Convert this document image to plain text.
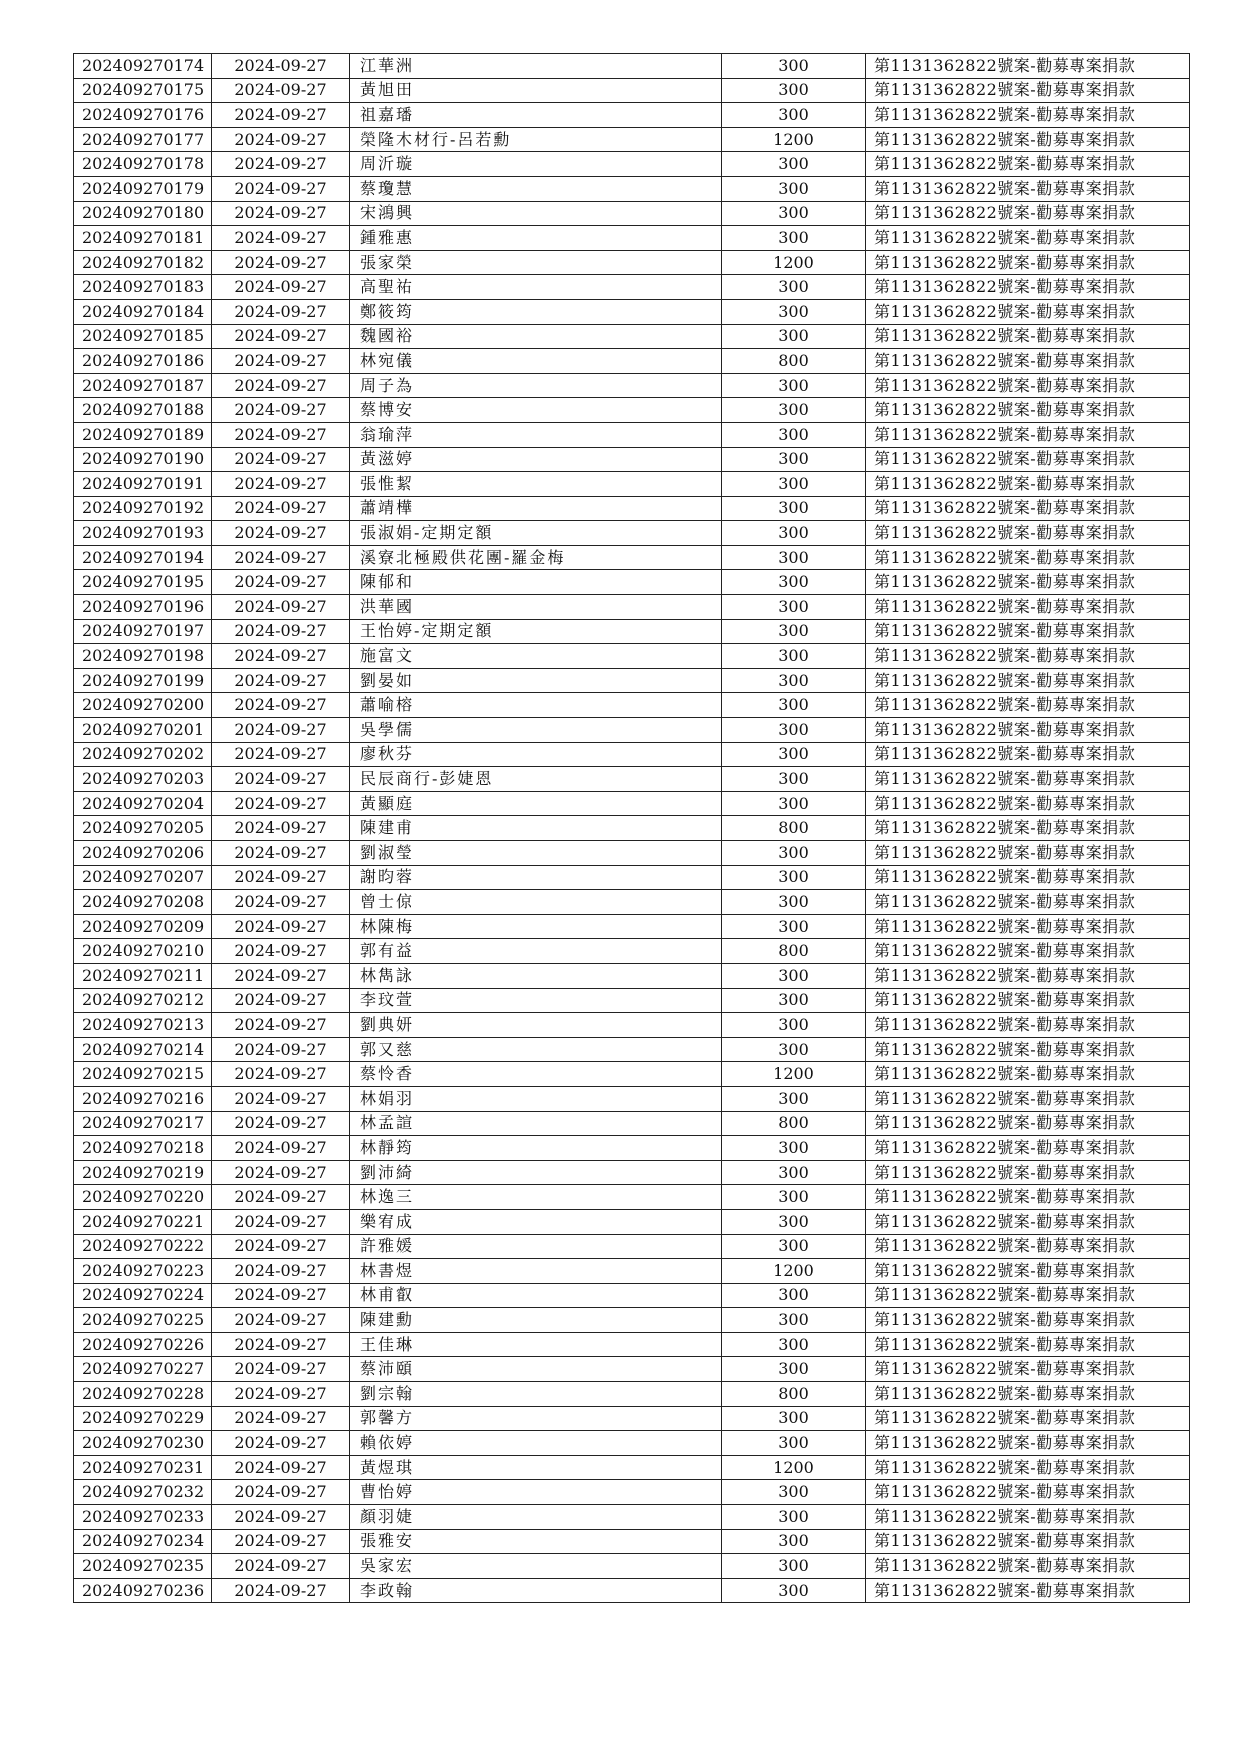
202409270174	2024-09-27	江華洲	300	第1131362822號案-勸募專案捐款
202409270175	2024-09-27	黃旭田	300	第1131362822號案-勸募專案捐款
202409270176	2024-09-27	祖嘉璠	300	第1131362822號案-勸募專案捐款
202409270177	2024-09-27	榮隆木材行-呂若勳	1200	第1131362822號案-勸募專案捐款
202409270178	2024-09-27	周沂璇	300	第1131362822號案-勸募專案捐款
202409270179	2024-09-27	蔡瓊慧	300	第1131362822號案-勸募專案捐款
202409270180	2024-09-27	宋鴻興	300	第1131362822號案-勸募專案捐款
202409270181	2024-09-27	鍾雅惠	300	第1131362822號案-勸募專案捐款
202409270182	2024-09-27	張家榮	1200	第1131362822號案-勸募專案捐款
202409270183	2024-09-27	高聖祐	300	第1131362822號案-勸募專案捐款
202409270184	2024-09-27	鄭筱筠	300	第1131362822號案-勸募專案捐款
202409270185	2024-09-27	魏國裕	300	第1131362822號案-勸募專案捐款
202409270186	2024-09-27	林宛儀	800	第1131362822號案-勸募專案捐款
202409270187	2024-09-27	周子為	300	第1131362822號案-勸募專案捐款
202409270188	2024-09-27	蔡博安	300	第1131362822號案-勸募專案捐款
202409270189	2024-09-27	翁瑜萍	300	第1131362822號案-勸募專案捐款
202409270190	2024-09-27	黃滋婷	300	第1131362822號案-勸募專案捐款
202409270191	2024-09-27	張惟絜	300	第1131362822號案-勸募專案捐款
202409270192	2024-09-27	蕭靖樺	300	第1131362822號案-勸募專案捐款
202409270193	2024-09-27	張淑娟-定期定額	300	第1131362822號案-勸募專案捐款
202409270194	2024-09-27	溪寮北極殿供花團-羅金梅	300	第1131362822號案-勸募專案捐款
202409270195	2024-09-27	陳郁和	300	第1131362822號案-勸募專案捐款
202409270196	2024-09-27	洪華國	300	第1131362822號案-勸募專案捐款
202409270197	2024-09-27	王怡婷-定期定額	300	第1131362822號案-勸募專案捐款
202409270198	2024-09-27	施富文	300	第1131362822號案-勸募專案捐款
202409270199	2024-09-27	劉晏如	300	第1131362822號案-勸募專案捐款
202409270200	2024-09-27	蕭喻榕	300	第1131362822號案-勸募專案捐款
202409270201	2024-09-27	吳學儒	300	第1131362822號案-勸募專案捐款
202409270202	2024-09-27	廖秋芬	300	第1131362822號案-勸募專案捐款
202409270203	2024-09-27	民辰商行-彭婕恩	300	第1131362822號案-勸募專案捐款
202409270204	2024-09-27	黃顯庭	300	第1131362822號案-勸募專案捐款
202409270205	2024-09-27	陳建甫	800	第1131362822號案-勸募專案捐款
202409270206	2024-09-27	劉淑瑩	300	第1131362822號案-勸募專案捐款
202409270207	2024-09-27	謝昀蓉	300	第1131362822號案-勸募專案捐款
202409270208	2024-09-27	曾士倞	300	第1131362822號案-勸募專案捐款
202409270209	2024-09-27	林陳梅	300	第1131362822號案-勸募專案捐款
202409270210	2024-09-27	郭有益	800	第1131362822號案-勸募專案捐款
202409270211	2024-09-27	林雋詠	300	第1131362822號案-勸募專案捐款
202409270212	2024-09-27	李玟萱	300	第1131362822號案-勸募專案捐款
202409270213	2024-09-27	劉典妍	300	第1131362822號案-勸募專案捐款
202409270214	2024-09-27	郭又慈	300	第1131362822號案-勸募專案捐款
202409270215	2024-09-27	蔡怜香	1200	第1131362822號案-勸募專案捐款
202409270216	2024-09-27	林娟羽	300	第1131362822號案-勸募專案捐款
202409270217	2024-09-27	林孟諠	800	第1131362822號案-勸募專案捐款
202409270218	2024-09-27	林靜筠	300	第1131362822號案-勸募專案捐款
202409270219	2024-09-27	劉沛綺	300	第1131362822號案-勸募專案捐款
202409270220	2024-09-27	林逸三	300	第1131362822號案-勸募專案捐款
202409270221	2024-09-27	樂宥成	300	第1131362822號案-勸募專案捐款
202409270222	2024-09-27	許雅媛	300	第1131362822號案-勸募專案捐款
202409270223	2024-09-27	林書煜	1200	第1131362822號案-勸募專案捐款
202409270224	2024-09-27	林甫叡	300	第1131362822號案-勸募專案捐款
202409270225	2024-09-27	陳建勳	300	第1131362822號案-勸募專案捐款
202409270226	2024-09-27	王佳琳	300	第1131362822號案-勸募專案捐款
202409270227	2024-09-27	蔡沛頤	300	第1131362822號案-勸募專案捐款
202409270228	2024-09-27	劉宗翰	800	第1131362822號案-勸募專案捐款
202409270229	2024-09-27	郭馨方	300	第1131362822號案-勸募專案捐款
202409270230	2024-09-27	賴依婷	300	第1131362822號案-勸募專案捐款
202409270231	2024-09-27	黃煜琪	1200	第1131362822號案-勸募專案捐款
202409270232	2024-09-27	曹怡婷	300	第1131362822號案-勸募專案捐款
202409270233	2024-09-27	顏羽婕	300	第1131362822號案-勸募專案捐款
202409270234	2024-09-27	張雅安	300	第1131362822號案-勸募專案捐款
202409270235	2024-09-27	吳家宏	300	第1131362822號案-勸募專案捐款
202409270236	2024-09-27	李政翰	300	第1131362822號案-勸募專案捐款
